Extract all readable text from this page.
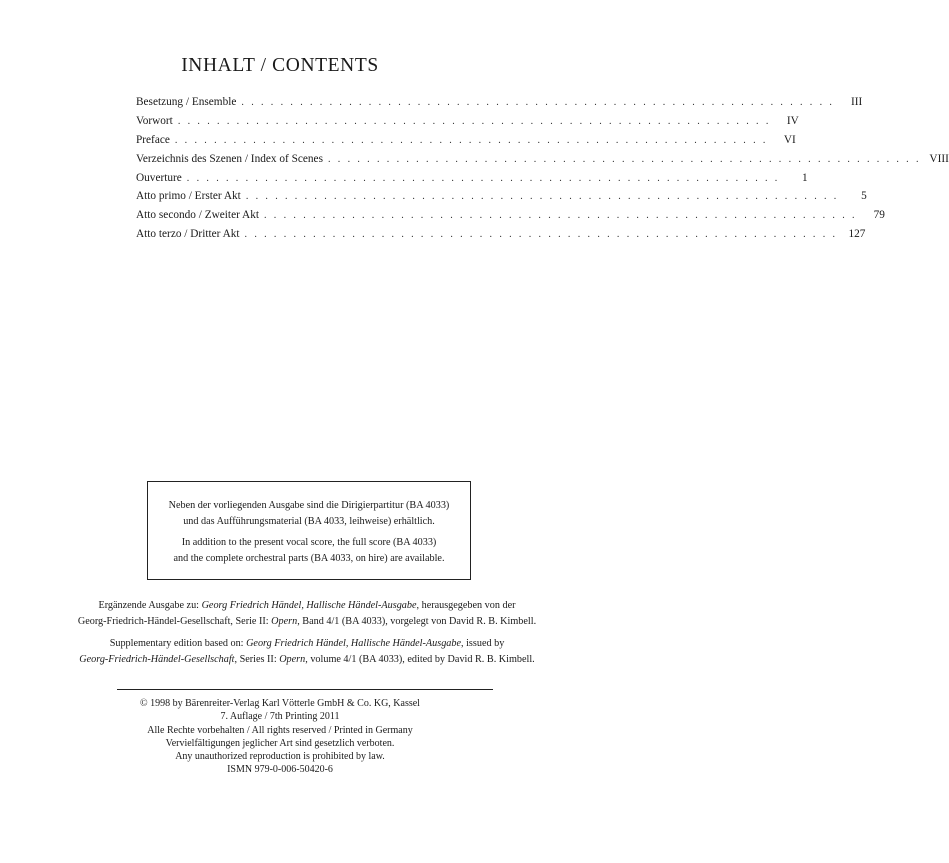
INHALT / CONTENTS
Besetzung / Ensemble . . . . . . . . . . . . . . . . . . . . . . . . . . . . . . . . . . . . . . . . . . . . . . . . . . . . . . . . . . . . .	III
Vorwort . . . . . . . . . . . . . . . . . . . . . . . . . . . . . . . . . . . . . . . . . . . . . . . . . . . . . . . . . . . . .	IV
Preface . . . . . . . . . . . . . . . . . . . . . . . . . . . . . . . . . . . . . . . . . . . . . . . . . . . . . . . . . . . . .	VI
Verzeichnis des Szenen / Index of Scenes . . . . . . . . . . . . . . . . . . . . . . . . . . . . . . . . . . . . . . . . . . . . . . . . . . . . . . . . . . . . . VIII
Ouverture . . . . . . . . . . . . . . . . . . . . . . . . . . . . . . . . . . . . . . . . . . . . . . . . . . . . . . . . . . . . .	1
Atto primo / Erster Akt . . . . . . . . . . . . . . . . . . . . . . . . . . . . . . . . . . . . . . . . . . . . . . . . . . . . . . . . . . . . .	5
Atto secondo / Zweiter Akt . . . . . . . . . . . . . . . . . . . . . . . . . . . . . . . . . . . . . . . . . . . . . . . . . . . . . . . . . . . . .	79
Atto terzo / Dritter Akt . . . . . . . . . . . . . . . . . . . . . . . . . . . . . . . . . . . . . . . . . . . . . . . . . . . . . . . . . . . . . 127

Neben der vorliegenden Ausgabe sind die Dirigierpartitur (BA 4033)

und das Aufführungsmaterial (BA 4033, leihweise) erhältlich.

In addition to the present vocal score, the full score (BA 4033)

and the complete orchestral parts (BA 4033, on hire) are available.

Ergänzende Ausgabe zu: Georg Friedrich Händel, Hallische Händel-Ausgabe, herausgegeben von der

Georg-Friedrich-Händel-Gesellschaft, Serie II: Opern, Band 4/1 (BA 4033), vorgelegt von David R. B. Kimbell.

Supplementary edition based on: Georg Friedrich Händel, Hallische Händel-Ausgabe, issued by

Georg-Friedrich-Händel-Gesellschaft, Series II: Opern, volume 4/1 (BA 4033), edited by David R. B. Kimbell.

© 1998 by Bärenreiter-Verlag Karl Vötterle GmbH & Co. KG, Kassel

7. Auflage / 7th Printing 2011

Alle Rechte vorbehalten / All rights reserved / Printed in Germany

Vervielfältigungen jeglicher Art sind gesetzlich verboten.

Any unauthorized reproduction is prohibited by law.

ISMN 979-0-006-50420-6
